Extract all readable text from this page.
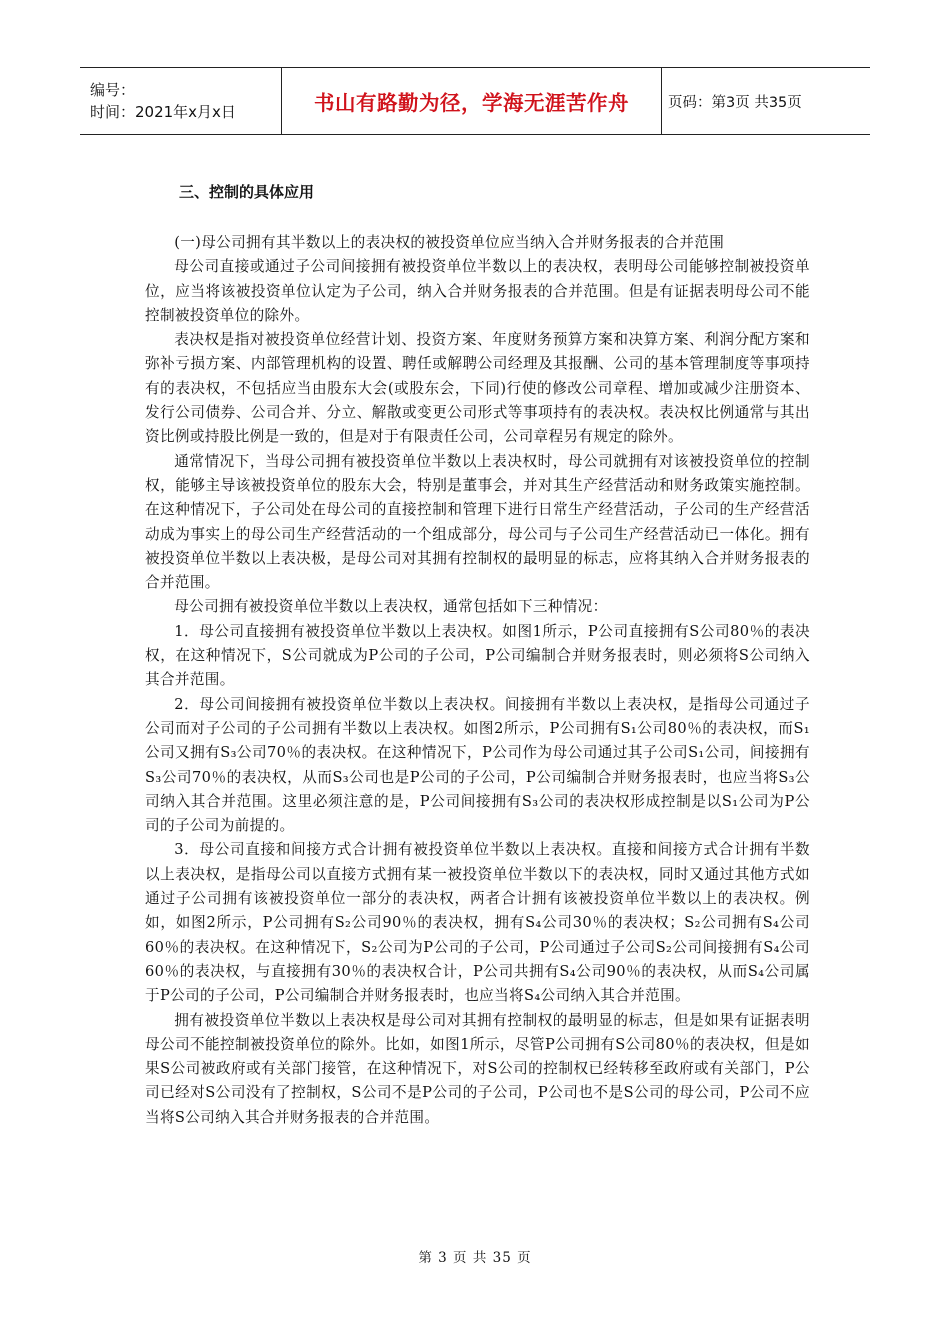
编号：
时间：2021年x月x日	书山有路勤为径，学海无涯苦作舟	页码：第3页 共35页
三、控制的具体应用

(一)母公司拥有其半数以上的表决权的被投资单位应当纳入合并财务报表的合并范围

母公司直接或通过子公司间接拥有被投资单位半数以上的表决权，表明母公司能够控制被投资单位，应当将该被投资单位认定为子公司，纳入合并财务报表的合并范围。但是有证据表明母公司不能控制被投资单位的除外。

表决权是指对被投资单位经营计划、投资方案、年度财务预算方案和决算方案、利润分配方案和弥补亏损方案、内部管理机构的设置、聘任或解聘公司经理及其报酬、公司的基本管理制度等事项持有的表决权，不包括应当由股东大会(或股东会，下同)行使的修改公司章程、增加或减少注册资本、发行公司债券、公司合并、分立、解散或变更公司形式等事项持有的表决权。表决权比例通常与其出资比例或持股比例是一致的，但是对于有限责任公司，公司章程另有规定的除外。

通常情况下，当母公司拥有被投资单位半数以上表决权时，母公司就拥有对该被投资单位的控制权，能够主导该被投资单位的股东大会，特别是董事会，并对其生产经营活动和财务政策实施控制。在这种情况下，子公司处在母公司的直接控制和管理下进行日常生产经营活动，子公司的生产经营活动成为事实上的母公司生产经营活动的一个组成部分，母公司与子公司生产经营活动已一体化。拥有被投资单位半数以上表决极，是母公司对其拥有控制权的最明显的标志，应将其纳入合并财务报表的合并范围。

母公司拥有被投资单位半数以上表决权，通常包括如下三种情况：

1．母公司直接拥有被投资单位半数以上表决权。如图1所示，P公司直接拥有S公司80％的表决权，在这种情况下，S公司就成为P公司的子公司，P公司编制合并财务报表时，则必须将S公司纳入其合并范围。

2．母公司间接拥有被投资单位半数以上表决权。间接拥有半数以上表决权，是指母公司通过子公司而对子公司的子公司拥有半数以上表决权。如图2所示，P公司拥有S₁公司80％的表决权，而S₁公司又拥有S₃公司70％的表决权。在这种情况下，P公司作为母公司通过其子公司S₁公司，间接拥有S₃公司70％的表决权，从而S₃公司也是P公司的子公司，P公司编制合并财务报表时，也应当将S₃公司纳入其合并范围。这里必须注意的是，P公司间接拥有S₃公司的表决权形成控制是以S₁公司为P公司的子公司为前提的。

3．母公司直接和间接方式合计拥有被投资单位半数以上表决权。直接和间接方式合计拥有半数以上表决权，是指母公司以直接方式拥有某一被投资单位半数以下的表决权，同时又通过其他方式如通过子公司拥有该被投资单位一部分的表决权，两者合计拥有该被投资单位半数以上的表决权。例如，如图2所示，P公司拥有S₂公司90％的表决权，拥有S₄公司30％的表决权；S₂公司拥有S₄公司60％的表决权。在这种情况下，S₂公司为P公司的子公司，P公司通过子公司S₂公司间接拥有S₄公司60％的表决权，与直接拥有30％的表决权合计，P公司共拥有S₄公司90％的表决权，从而S₄公司属于P公司的子公司，P公司编制合并财务报表时，也应当将S₄公司纳入其合并范围。

拥有被投资单位半数以上表决权是母公司对其拥有控制权的最明显的标志，但是如果有证据表明母公司不能控制被投资单位的除外。比如，如图1所示，尽管P公司拥有S公司80％的表决权，但是如果S公司被政府或有关部门接管，在这种情况下，对S公司的控制权已经转移至政府或有关部门，P公司已经对S公司没有了控制权，S公司不是P公司的子公司，P公司也不是S公司的母公司，P公司不应当将S公司纳入其合并财务报表的合并范围。

第 3 页 共 35 页
